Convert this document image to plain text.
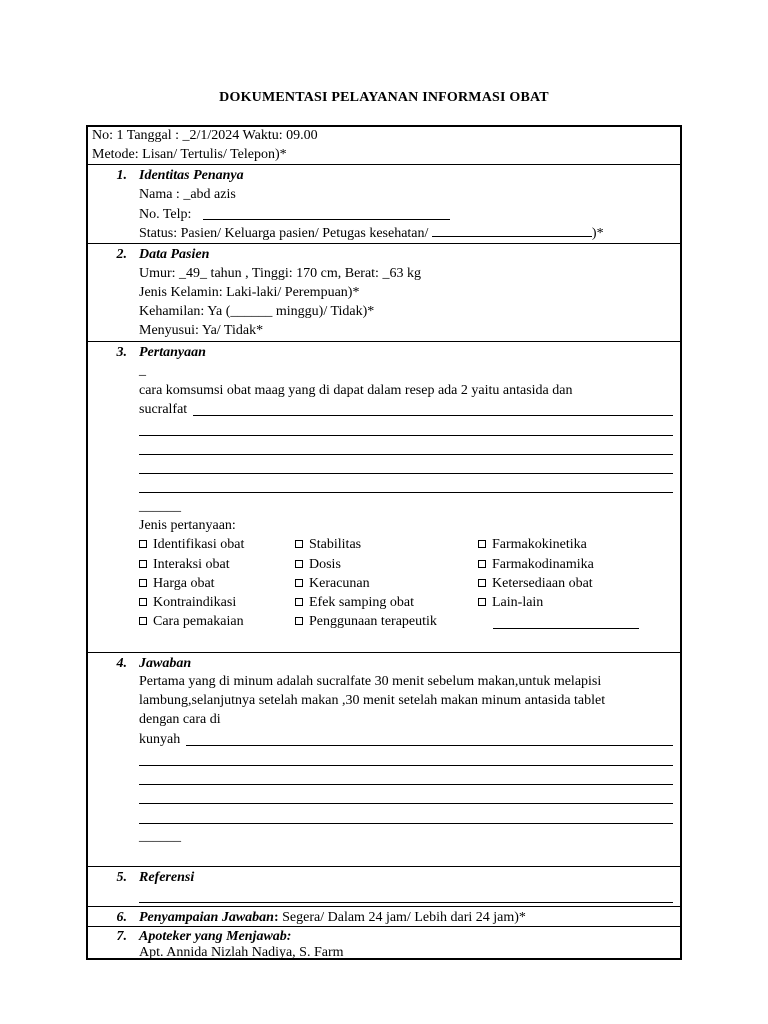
DOKUMENTASI PELAYANAN INFORMASI OBAT
No: 1 Tanggal : _2/1/2024 Waktu: 09.00
Metode: Lisan/ Tertulis/ Telepon)*
1. Identitas Penanya
Nama : _abd azis
No. Telp:
Status: Pasien/ Keluarga pasien/ Petugas kesehatan/	)*
2. Data Pasien
Umur: _49_ tahun , Tinggi: 170 cm, Berat: _63 kg
Jenis Kelamin: Laki-laki/ Perempuan)*
Kehamilan: Ya (______ minggu)/ Tidak)*
Menyusui: Ya/ Tidak*
3. Pertanyaan
_
cara komsumsi obat maag yang di dapat dalam resep ada 2 yaitu antasida dan
sucralfat
______
Jenis pertanyaan:
Identifikasi obat
Interaksi obat
Harga obat
Kontraindikasi
Cara pemakaian
Stabilitas
Dosis
Keracunan
Efek samping obat
Penggunaan terapeutik
Farmakokinetika
Farmakodinamika
Ketersediaan obat
Lain-lain
4. Jawaban
Pertama yang di minum adalah sucralfate 30 menit sebelum makan,untuk melapisi
lambung,selanjutnya setelah makan ,30 menit setelah makan minum antasida tablet
dengan cara di
kunyah
______
5. Referensi
6. Penyampaian Jawaban: Segera/ Dalam 24 jam/ Lebih dari 24 jam)*
7. Apoteker yang Menjawab:
Apt. Annida Nizlah Nadiya, S. Farm
